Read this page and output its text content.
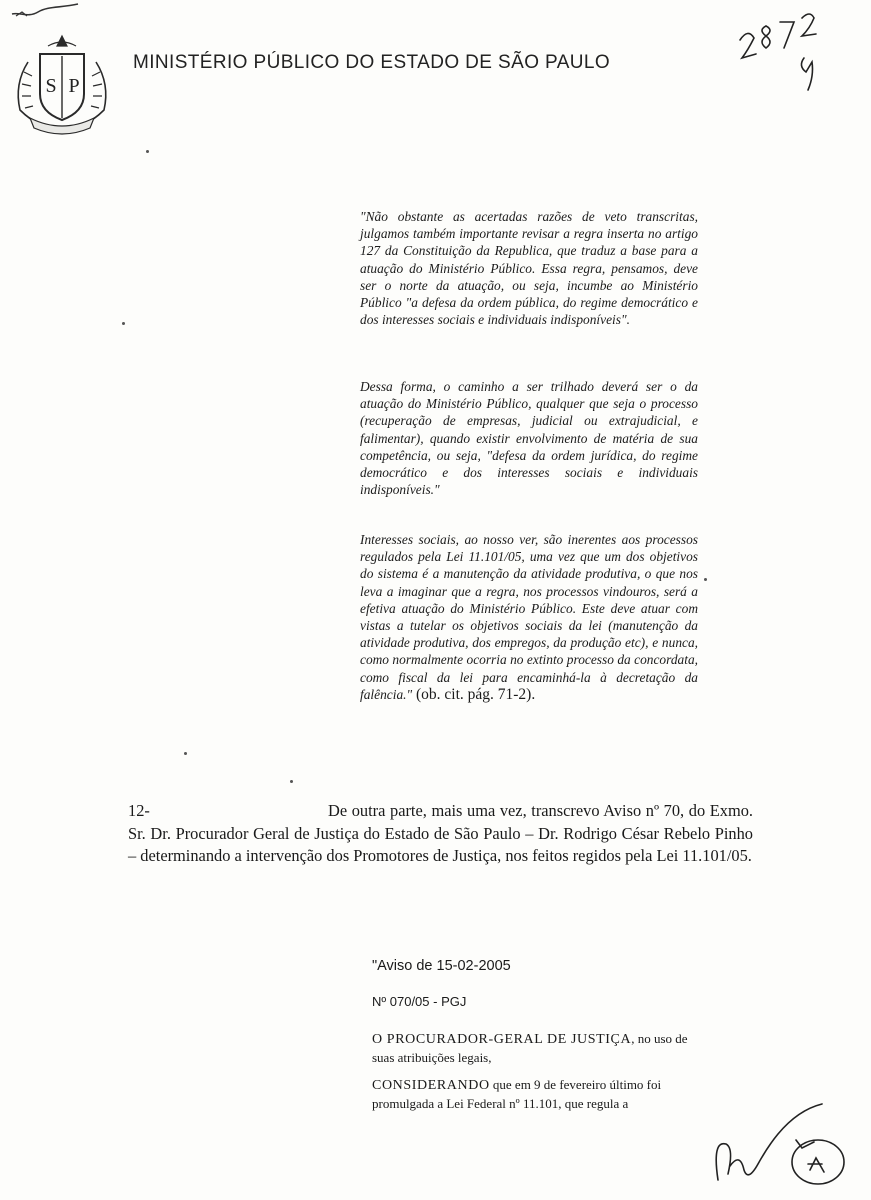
S P
MINISTÉRIO PÚBLICO DO ESTADO DE SÃO PAULO

"Não obstante as acertadas razões de veto transcritas, julgamos também importante revisar a regra inserta no artigo 127 da Constituição da Republica, que traduz a base para a atuação do Ministério Público. Essa regra, pensamos, deve ser o norte da atuação, ou seja, incumbe ao Ministério Público "a defesa da ordem pública, do regime democrático e dos interesses sociais e individuais indisponíveis".

Dessa forma, o caminho a ser trilhado deverá ser o da atuação do Ministério Público, qualquer que seja o processo (recuperação de empresas, judicial ou extrajudicial, e falimentar), quando existir envolvimento de matéria de sua competência, ou seja, "defesa da ordem jurídica, do regime democrático e dos interesses sociais e individuais indisponíveis."

Interesses sociais, ao nosso ver, são inerentes aos processos regulados pela Lei 11.101/05, uma vez que um dos objetivos do sistema é a manutenção da atividade produtiva, o que nos leva a imaginar que a regra, nos processos vindouros, será a efetiva atuação do Ministério Público. Este deve atuar com vistas a tutelar os objetivos sociais da lei (manutenção da atividade produtiva, dos empregos, da produção etc), e nunca, como normalmente ocorria no extinto processo da concordata, como fiscal da lei para encaminhá-la à decretação da falência." (ob. cit. pág. 71-2).

12-	De outra parte, mais uma vez, transcrevo Aviso nº 70, do Exmo. Sr. Dr. Procurador Geral de Justiça do Estado de São Paulo – Dr. Rodrigo César Rebelo Pinho – determinando a intervenção dos Promotores de Justiça, nos feitos regidos pela Lei 11.101/05.
"Aviso de 15-02-2005
Nº 070/05 - PGJ
O PROCURADOR-GERAL DE JUSTIÇA, no uso de suas atribuições legais,
CONSIDERANDO que em 9 de fevereiro último foi promulgada a Lei Federal nº 11.101, que regula a
